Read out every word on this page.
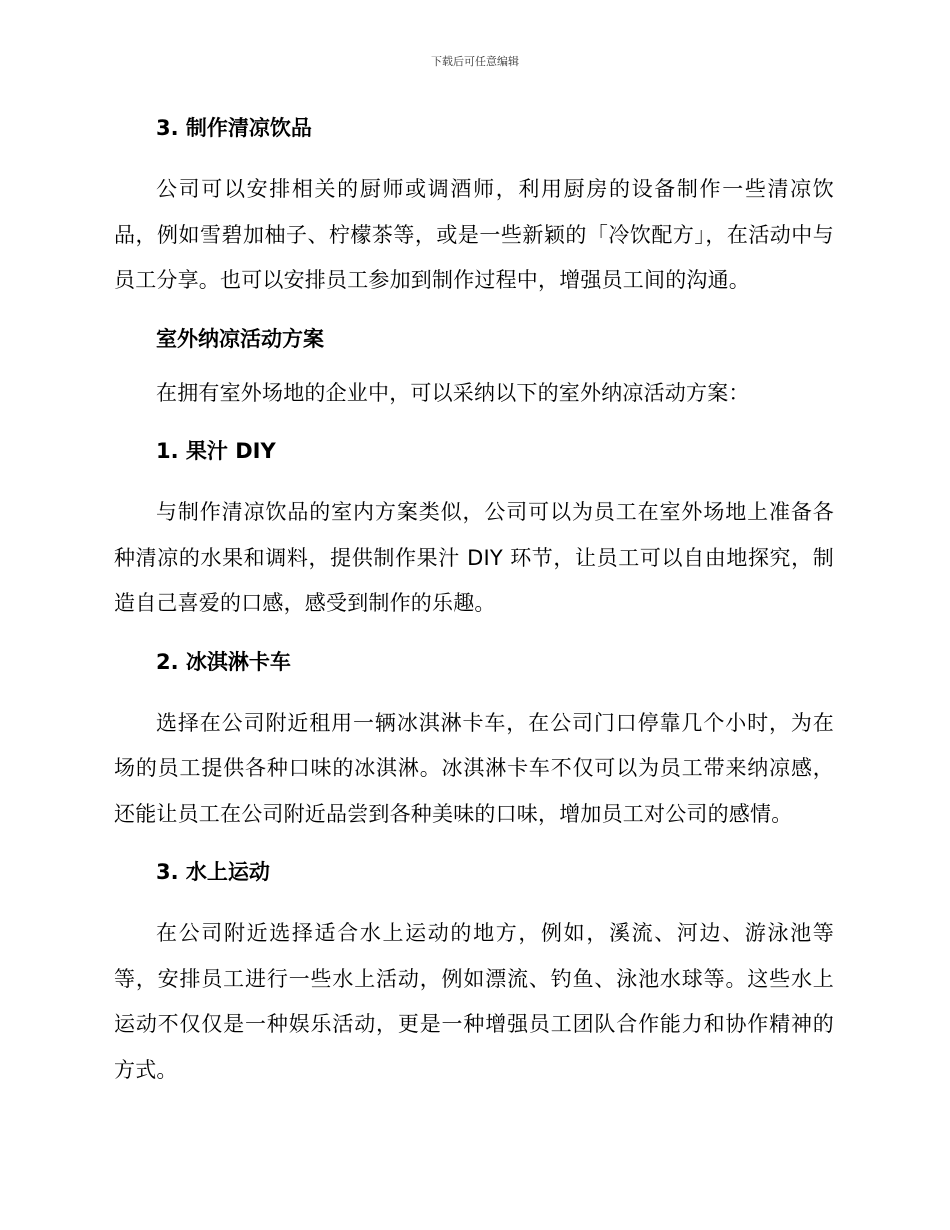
下载后可任意编辑
3. 制作清凉饮品

公司可以安排相关的厨师或调酒师，利用厨房的设备制作一些清凉饮品，例如雪碧加柚子、柠檬茶等，或是一些新颖的「冷饮配方」，在活动中与员工分享。也可以安排员工参加到制作过程中，增强员工间的沟通。

室外纳凉活动方案

在拥有室外场地的企业中，可以采纳以下的室外纳凉活动方案：

1. 果汁 DIY

与制作清凉饮品的室内方案类似，公司可以为员工在室外场地上准备各种清凉的水果和调料，提供制作果汁 DIY 环节，让员工可以自由地探究，制造自己喜爱的口感，感受到制作的乐趣。

2. 冰淇淋卡车

选择在公司附近租用一辆冰淇淋卡车，在公司门口停靠几个小时，为在场的员工提供各种口味的冰淇淋。冰淇淋卡车不仅可以为员工带来纳凉感，还能让员工在公司附近品尝到各种美味的口味，增加员工对公司的感情。

3. 水上运动

在公司附近选择适合水上运动的地方，例如，溪流、河边、游泳池等等，安排员工进行一些水上活动，例如漂流、钓鱼、泳池水球等。这些水上运动不仅仅是一种娱乐活动，更是一种增强员工团队合作能力和协作精神的方式。
